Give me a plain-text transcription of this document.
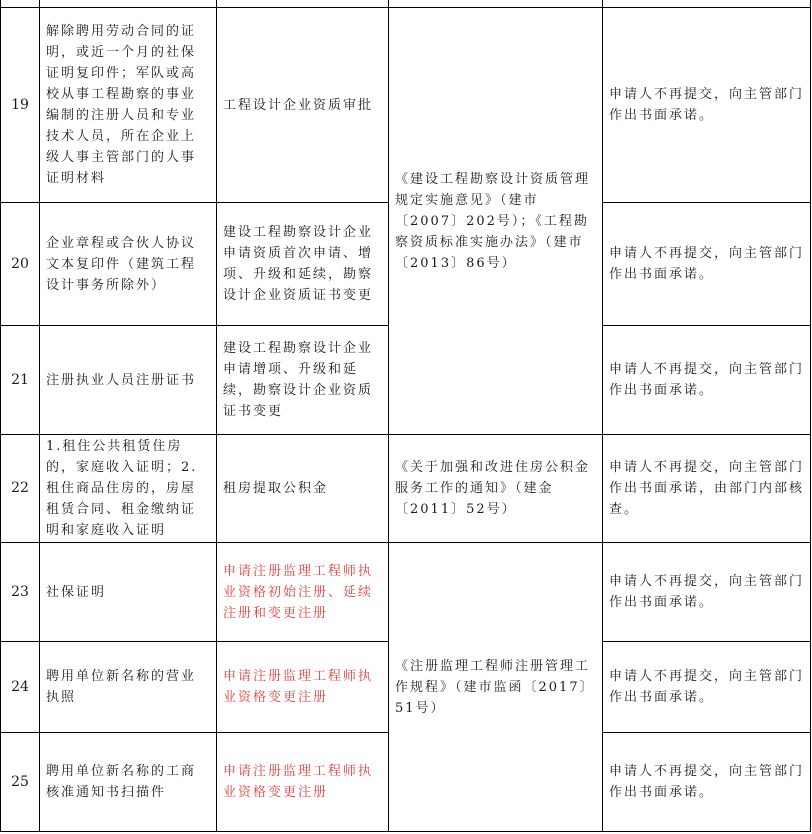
19	解除聘用劳动合同的证明，或近一个月的社保证明复印件；军队或高校从事工程勘察的事业编制的注册人员和专业技术人员，所在企业上级人事主管部门的人事证明材料	工程设计企业资质审批	《建设工程勘察设计资质管理规定实施意见》（建市〔2007〕202号）；《工程勘察资质标准实施办法》（建市〔2013〕86号）	申请人不再提交，向主管部门作出书面承诺。
20	企业章程或合伙人协议文本复印件（建筑工程设计事务所除外）	建设工程勘察设计企业申请资质首次申请、增项、升级和延续，勘察设计企业资质证书变更		申请人不再提交，向主管部门作出书面承诺。
21	注册执业人员注册证书	建设工程勘察设计企业申请增项、升级和延续，勘察设计企业资质证书变更		申请人不再提交，向主管部门作出书面承诺。
22	1.租住公共租赁住房的，家庭收入证明；2.租住商品住房的，房屋租赁合同、租金缴纳证明和家庭收入证明	租房提取公积金	《关于加强和改进住房公积金服务工作的通知》（建金〔2011〕52号）	申请人不再提交，向主管部门作出书面承诺，由部门内部核查。
23	社保证明	申请注册监理工程师执业资格初始注册、延续注册和变更注册	《注册监理工程师注册管理工作规程》（建市监函〔2017〕51号）	申请人不再提交，向主管部门作出书面承诺。
24	聘用单位新名称的营业执照	申请注册监理工程师执业资格变更注册		申请人不再提交，向主管部门作出书面承诺。
25	聘用单位新名称的工商核准通知书扫描件	申请注册监理工程师执业资格变更注册		申请人不再提交，向主管部门作出书面承诺。
